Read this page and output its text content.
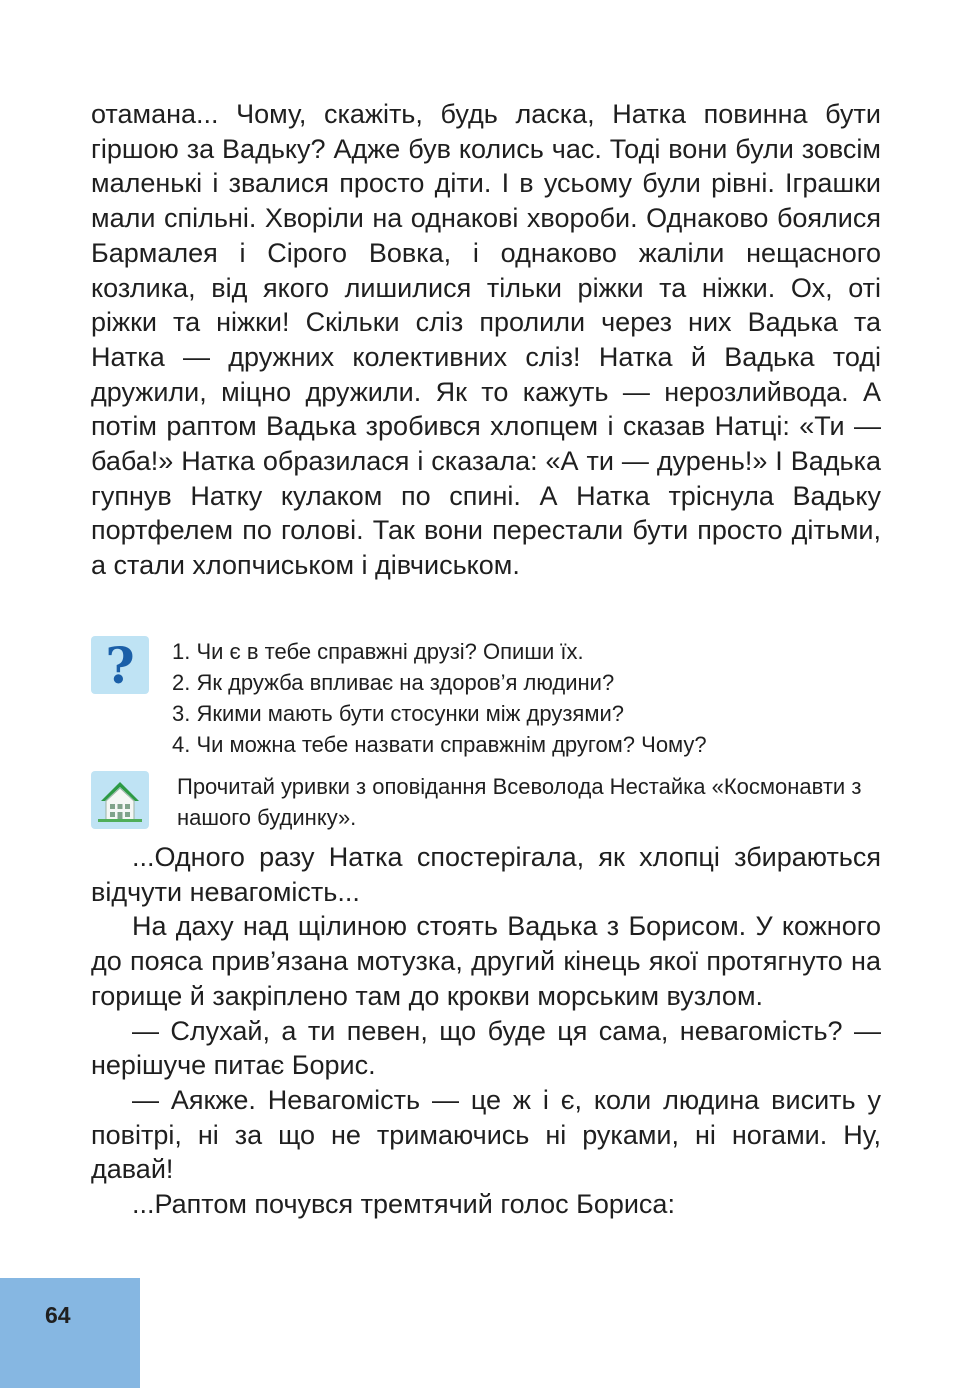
отамана... Чому, скажіть, будь ласка, Натка повинна бути гіршою за Вадьку? Адже був колись час. Тоді вони були зовсім маленькі і звалися просто діти. І в усьому були рівні. Іграшки мали спільні. Хворіли на однакові хвороби. Однаково боялися Бармалея і Сірого Вовка, і однаково жаліли нещасного козлика, від якого лишилися тільки ріжки та ніжки. Ох, оті ріжки та ніжки! Скільки сліз пролили через них Вадька та Натка — дружних колективних сліз! Натка й Вадька тоді дружили, міцно дружили. Як то кажуть — нерозлийвода. А потім раптом Вадька зробився хлопцем і сказав Натці: «Ти — баба!» Натка образилася і сказала: «А ти — дурень!» І Вадька гупнув Натку кулаком по спині. А Натка тріснула Вадьку портфелем по голові. Так вони перестали бути просто дітьми, а стали хлопчиськом і дівчиськом.

?	1. Чи є в тебе справжні друзі? Опиши їх.
2. Як дружба впливає на здоров’я людини?
3. Якими мають бути стосунки між друзями?
4. Чи можна тебе назвати справжнім другом? Чому?

Прочитай уривки з оповідання Всеволода Нестайка «Космонавти з нашого будинку».

...Одного разу Натка спостерігала, як хлопці збираються відчути невагомість...

На даху над щілиною стоять Вадька з Борисом. У кожного до пояса прив’язана мотузка, другий кінець якої протягнуто на горище й закріплено там до крокви морським вузлом.

— Слухай, а ти певен, що буде ця сама, невагомість? — нерішуче питає Борис.

— Аякже. Невагомість — це ж і є, коли людина висить у повітрі, ні за що не тримаючись ні руками, ні ногами. Ну, давай!

...Раптом почувся тремтячий голос Бориса:

64
